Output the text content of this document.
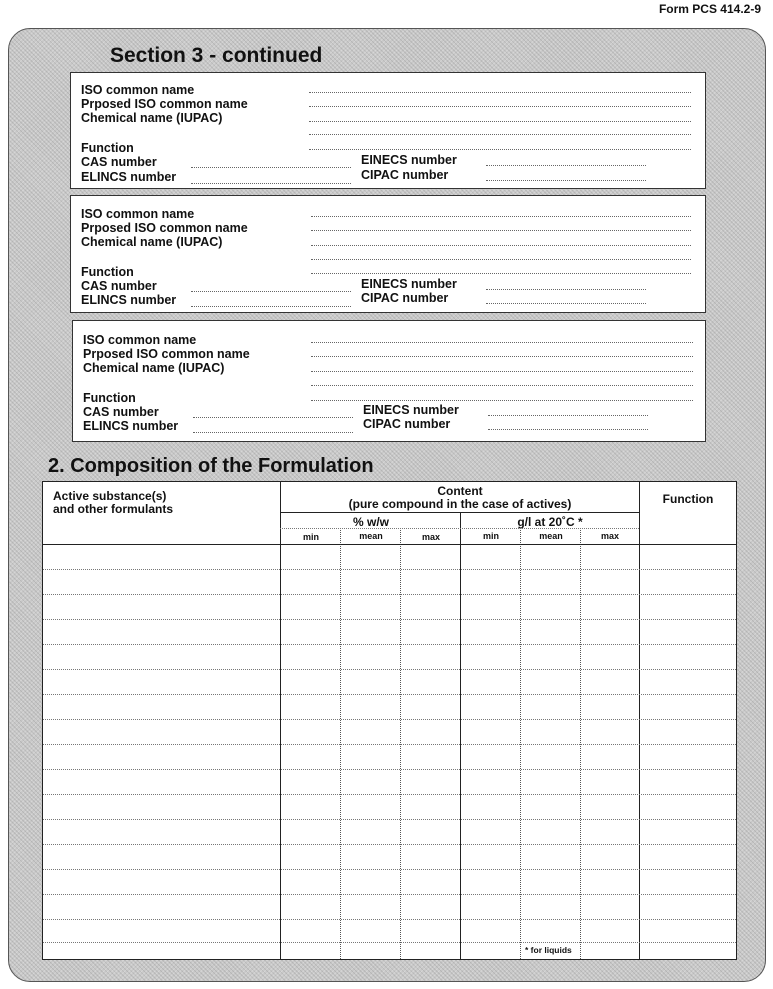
Form PCS 414.2-9
Section 3 - continued
ISO common name
Prposed ISO common name
Chemical name (IUPAC)
Function
CAS number
ELINCS number
EINECS number
CIPAC number
ISO common name
Prposed ISO common name
Chemical name (IUPAC)
Function
CAS number
ELINCS number
EINECS number
CIPAC number
ISO common name
Prposed ISO common name
Chemical name (IUPAC)
Function
CAS number
ELINCS number
EINECS number
CIPAC number
2. Composition of the Formulation
Active substance(s)
and other formulants
Content
(pure compound in the case of actives)	Function
% w/w	g/l at 20˚C *
min	mean	max	min	mean	max
* for liquids
